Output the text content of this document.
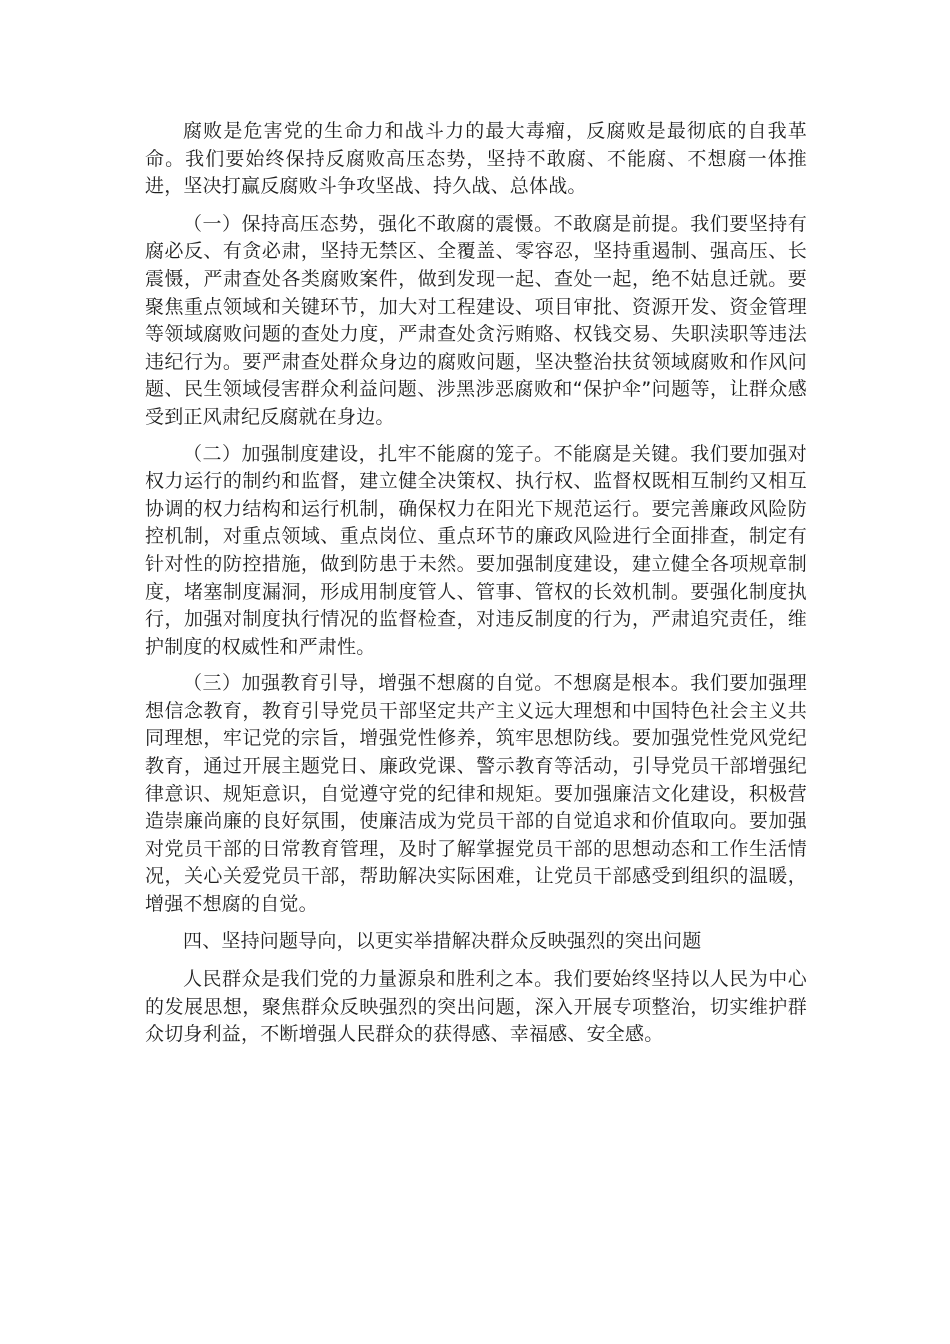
腐败是危害党的生命力和战斗力的最大毒瘤，反腐败是最彻底的自我革命。我们要始终保持反腐败高压态势，坚持不敢腐、不能腐、不想腐一体推进，坚决打赢反腐败斗争攻坚战、持久战、总体战。

（一）保持高压态势，强化不敢腐的震慑。不敢腐是前提。我们要坚持有腐必反、有贪必肃，坚持无禁区、全覆盖、零容忍，坚持重遏制、强高压、长震慑，严肃查处各类腐败案件，做到发现一起、查处一起，绝不姑息迁就。要聚焦重点领域和关键环节，加大对工程建设、项目审批、资源开发、资金管理等领域腐败问题的查处力度，严肃查处贪污贿赂、权钱交易、失职渎职等违法违纪行为。要严肃查处群众身边的腐败问题，坚决整治扶贫领域腐败和作风问题、民生领域侵害群众利益问题、涉黑涉恶腐败和“保护伞”问题等，让群众感受到正风肃纪反腐就在身边。

（二）加强制度建设，扎牢不能腐的笼子。不能腐是关键。我们要加强对权力运行的制约和监督，建立健全决策权、执行权、监督权既相互制约又相互协调的权力结构和运行机制，确保权力在阳光下规范运行。要完善廉政风险防控机制，对重点领域、重点岗位、重点环节的廉政风险进行全面排查，制定有针对性的防控措施，做到防患于未然。要加强制度建设，建立健全各项规章制度，堵塞制度漏洞，形成用制度管人、管事、管权的长效机制。要强化制度执行，加强对制度执行情况的监督检查，对违反制度的行为，严肃追究责任，维护制度的权威性和严肃性。

（三）加强教育引导，增强不想腐的自觉。不想腐是根本。我们要加强理想信念教育，教育引导党员干部坚定共产主义远大理想和中国特色社会主义共同理想，牢记党的宗旨，增强党性修养，筑牢思想防线。要加强党性党风党纪教育，通过开展主题党日、廉政党课、警示教育等活动，引导党员干部增强纪律意识、规矩意识，自觉遵守党的纪律和规矩。要加强廉洁文化建设，积极营造崇廉尚廉的良好氛围，使廉洁成为党员干部的自觉追求和价值取向。要加强对党员干部的日常教育管理，及时了解掌握党员干部的思想动态和工作生活情况，关心关爱党员干部，帮助解决实际困难，让党员干部感受到组织的温暖，增强不想腐的自觉。

四、坚持问题导向，以更实举措解决群众反映强烈的突出问题

人民群众是我们党的力量源泉和胜利之本。我们要始终坚持以人民为中心的发展思想，聚焦群众反映强烈的突出问题，深入开展专项整治，切实维护群众切身利益，不断增强人民群众的获得感、幸福感、安全感。
